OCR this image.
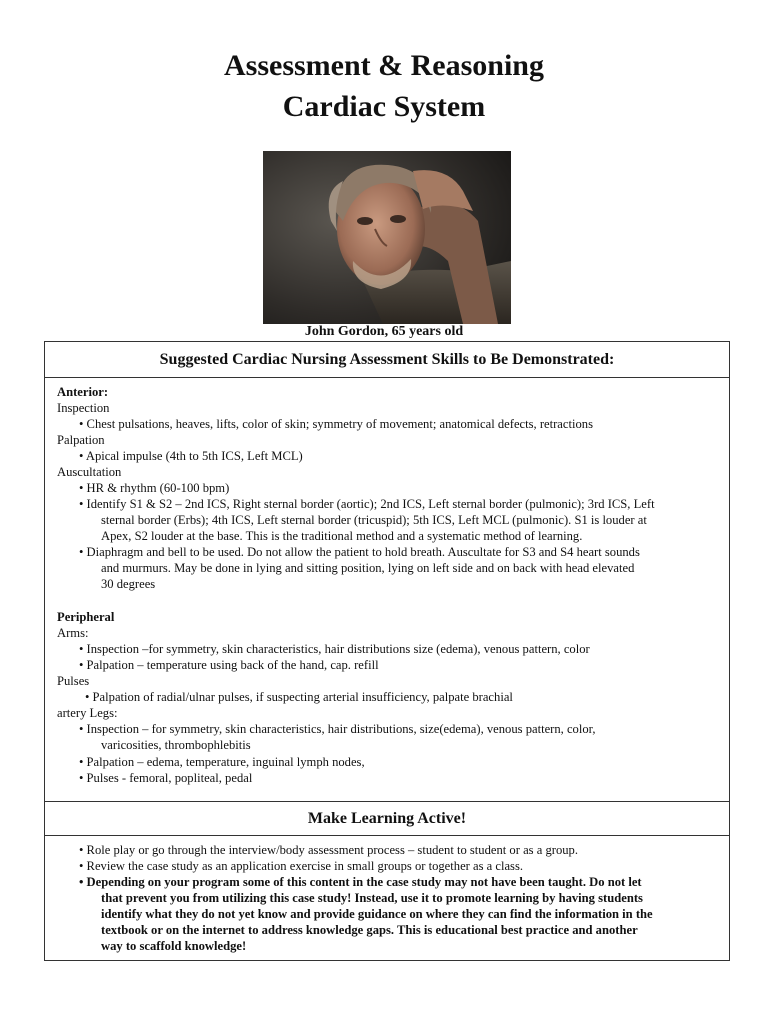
Assessment & Reasoning
Cardiac System
John Gordon, 65 years old
Suggested Cardiac Nursing Assessment Skills to Be Demonstrated:
Anterior:
Inspection
• Chest pulsations, heaves, lifts, color of skin; symmetry of movement; anatomical defects, retractions
Palpation
• Apical impulse (4th to 5th ICS, Left MCL)
Auscultation
• HR & rhythm (60-100 bpm)
• Identify S1 & S2 – 2nd ICS, Right sternal border (aortic); 2nd ICS, Left sternal border (pulmonic); 3rd ICS, Left
sternal border (Erbs); 4th ICS, Left sternal border (tricuspid); 5th ICS, Left MCL (pulmonic). S1 is louder at
Apex, S2 louder at the base. This is the traditional method and a systematic method of learning.
• Diaphragm and bell to be used. Do not allow the patient to hold breath. Auscultate for S3 and S4 heart sounds
and murmurs. May be done in lying and sitting position, lying on left side and on back with head elevated
30 degrees
Peripheral
Arms:
• Inspection –for symmetry, skin characteristics, hair distributions size (edema), venous pattern, color
• Palpation – temperature using back of the hand, cap. refill
Pulses
• Palpation of radial/ulnar pulses, if suspecting arterial insufficiency, palpate brachial
artery Legs:
• Inspection – for symmetry, skin characteristics, hair distributions, size(edema), venous pattern, color,
varicosities, thrombophlebitis
• Palpation – edema, temperature, inguinal lymph nodes,
• Pulses - femoral, popliteal, pedal
Make Learning Active!
• Role play or go through the interview/body assessment process – student to student or as a group.
• Review the case study as an application exercise in small groups or together as a class.
• Depending on your program some of this content in the case study may not have been taught. Do not let
that prevent you from utilizing this case study! Instead, use it to promote learning by having students
identify what they do not yet know and provide guidance on where they can find the information in the
textbook or on the internet to address knowledge gaps. This is educational best practice and another
way to scaffold knowledge!
